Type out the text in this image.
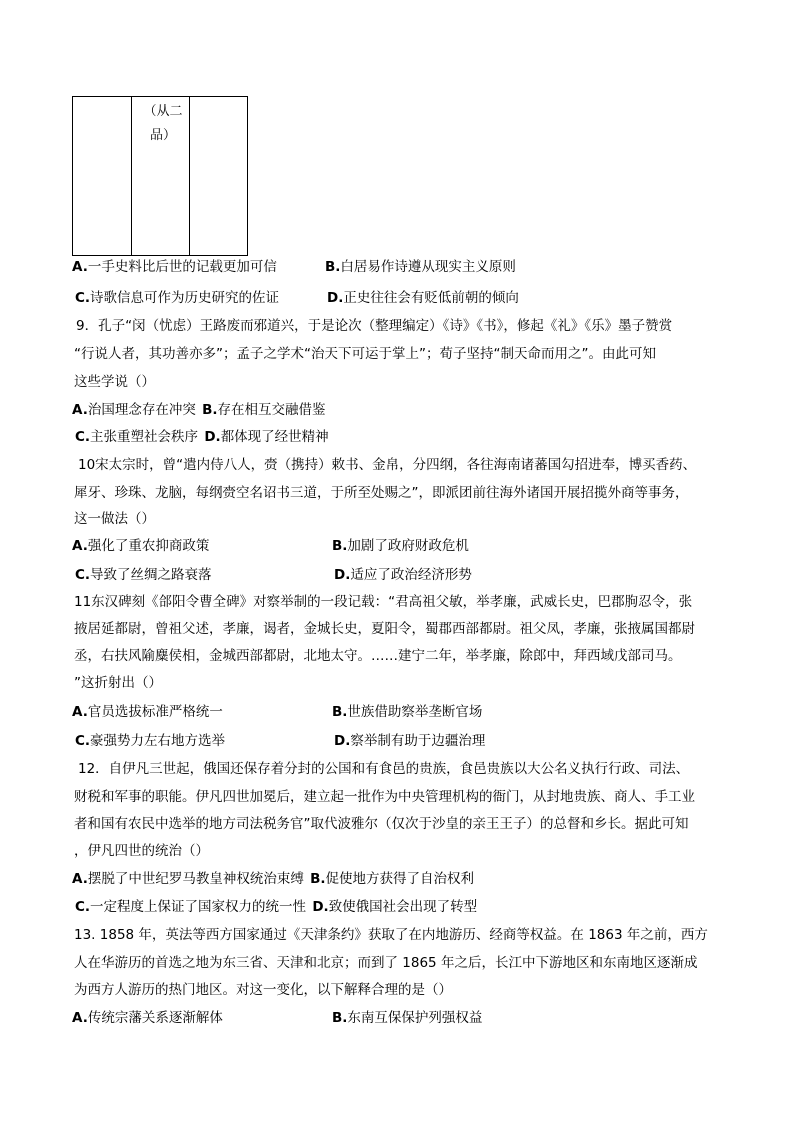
（从二品）
A.一手史料比后世的记载更加可信	B.白居易作诗遵从现实主义原则
C.诗歌信息可作为历史研究的佐证	D.正史往往会有贬低前朝的倾向
9．孔子“闵（忧虑）王路废而邪道兴，于是论次（整理编定）《诗》《书》，修起《礼》《乐》墨子赞赏
“行说人者，其功善亦多”；孟子之学术“治天下可运于掌上”；荀子坚持“制天命而用之”。由此可知
这些学说（）
A.治国理念存在冲突 B.存在相互交融借鉴
C.主张重塑社会秩序 D.都体现了经世精神
10宋太宗时，曾“遣内侍八人，赍（携持）敕书、金帛，分四纲，各往海南诸蕃国勾招进奉，博买香药、
犀牙、珍珠、龙脑，每纲赍空名诏书三道，于所至处赐之”，即派团前往海外诸国开展招揽外商等事务，
这一做法（）
A.强化了重农抑商政策	B.加剧了政府财政危机
C.导致了丝绸之路衰落	D.适应了政治经济形势
11东汉碑刻《郃阳令曹全碑》对察举制的一段记载：“君高祖父敏，举孝廉，武威长史，巴郡朐忍令，张
掖居延都尉，曾祖父述，孝廉，谒者，金城长史，夏阳令，蜀郡西部都尉。祖父凤，孝廉，张掖属国都尉
丞，右扶风隃麋侯相，金城西部都尉，北地太守。……建宁二年，举孝廉，除郎中，拜西域戊部司马。
”这折射出（）
A.官员选拔标准严格统一	B.世族借助察举垄断官场
C.豪强势力左右地方选举	D.察举制有助于边疆治理
12．自伊凡三世起，俄国还保存着分封的公国和有食邑的贵族，食邑贵族以大公名义执行行政、司法、
财税和军事的职能。伊凡四世加冕后，建立起一批作为中央管理机构的衙门，从封地贵族、商人、手工业
者和国有农民中选举的地方司法税务官”取代波雅尔（仅次于沙皇的亲王王子）的总督和乡长。据此可知
，伊凡四世的统治（）
A.摆脱了中世纪罗马教皇神权统治束缚 B.促使地方获得了自治权利
C.一定程度上保证了国家权力的统一性 D.致使俄国社会出现了转型
13. 1858 年，英法等西方国家通过《天津条约》获取了在内地游历、经商等权益。在 1863 年之前，西方
人在华游历的首选之地为东三省、天津和北京；而到了 1865 年之后，长江中下游地区和东南地区逐渐成
为西方人游历的热门地区。对这一变化，以下解释合理的是（）
A.传统宗藩关系逐渐解体	B.东南互保保护列强权益
